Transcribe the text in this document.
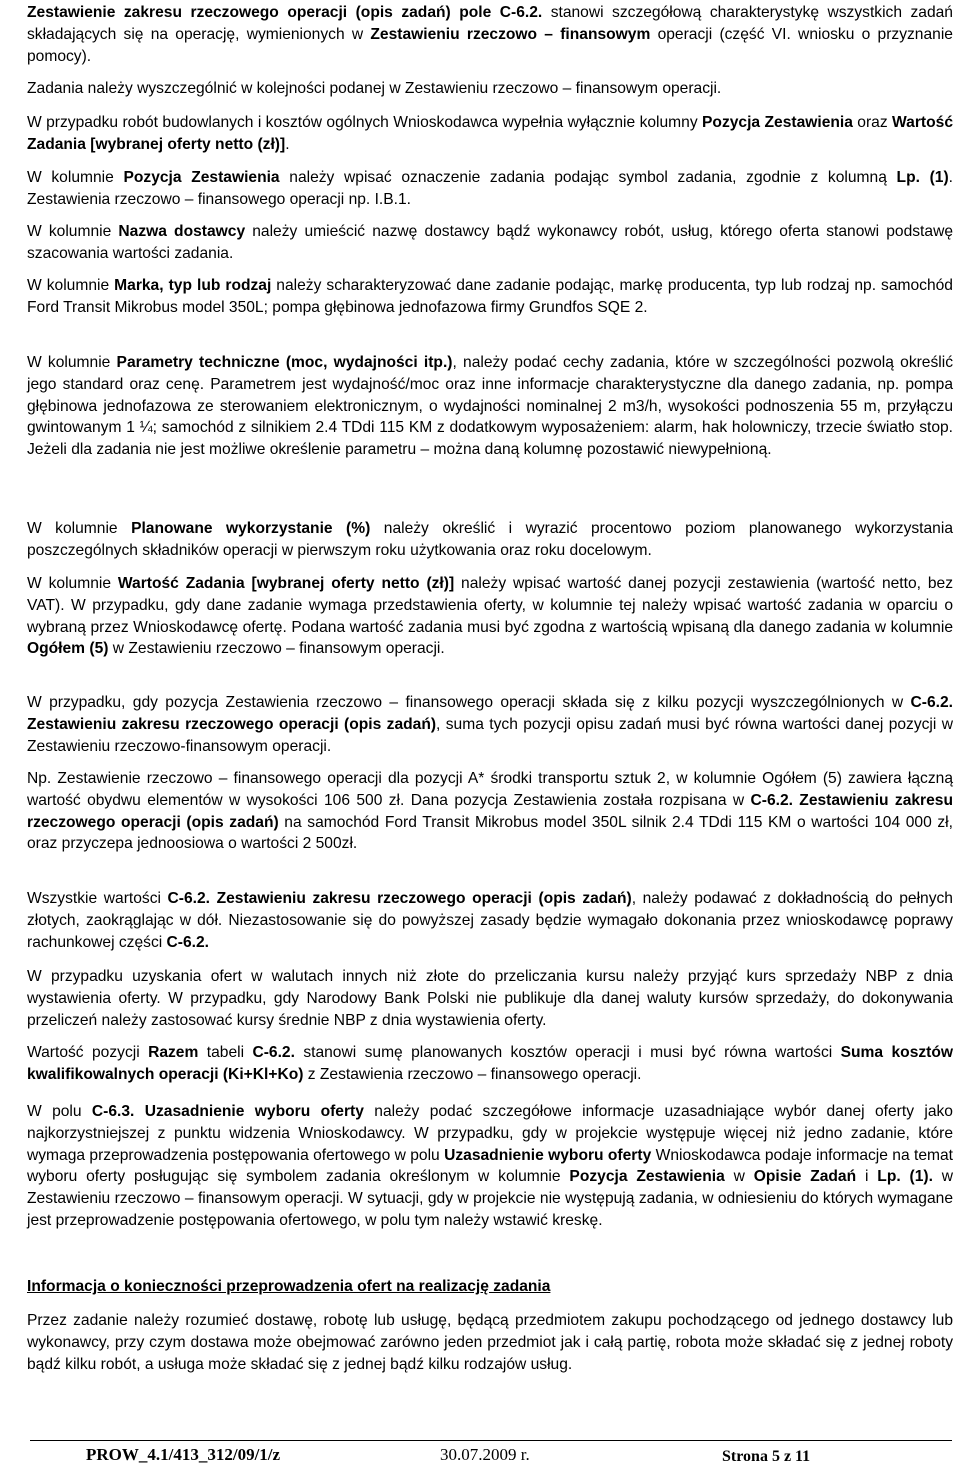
Zestawienie zakresu rzeczowego operacji (opis zadań) pole C-6.2. stanowi szczegółową charakterystykę wszystkich zadań składających się na operację, wymienionych w Zestawieniu rzeczowo – finansowym operacji (część VI. wniosku o przyznanie pomocy).

Zadania należy wyszczególnić w kolejności podanej w Zestawieniu rzeczowo – finansowym operacji.

W przypadku robót budowlanych i kosztów ogólnych Wnioskodawca wypełnia wyłącznie kolumny Pozycja Zestawienia oraz Wartość Zadania [wybranej oferty netto (zł)].

W kolumnie Pozycja Zestawienia należy wpisać oznaczenie zadania podając symbol zadania, zgodnie z kolumną Lp. (1). Zestawienia rzeczowo – finansowego operacji np. I.B.1.

W kolumnie Nazwa dostawcy należy umieścić nazwę dostawcy bądź wykonawcy robót, usług, którego oferta stanowi podstawę szacowania wartości zadania.

W kolumnie Marka, typ lub rodzaj należy scharakteryzować dane zadanie podając, markę producenta, typ lub rodzaj np. samochód Ford Transit Mikrobus model 350L; pompa głębinowa jednofazowa firmy Grundfos SQE 2.

W kolumnie Parametry techniczne (moc, wydajności itp.), należy podać cechy zadania, które w szczególności pozwolą określić jego standard oraz cenę. Parametrem jest wydajność/moc oraz inne informacje charakterystyczne dla danego zadania, np. pompa głębinowa jednofazowa ze sterowaniem elektronicznym, o wydajności nominalnej 2 m3/h, wysokości podnoszenia 55 m, przyłączu gwintowanym 1 ¼; samochód z silnikiem 2.4 TDdi 115 KM z dodatkowym wyposażeniem: alarm, hak holowniczy, trzecie światło stop. Jeżeli dla zadania nie jest możliwe określenie parametru – można daną kolumnę pozostawić niewypełnioną.

W kolumnie Planowane wykorzystanie (%) należy określić i wyrazić procentowo poziom planowanego wykorzystania poszczególnych składników operacji w pierwszym roku użytkowania oraz roku docelowym.

W kolumnie Wartość Zadania [wybranej oferty netto (zł)] należy wpisać wartość danej pozycji zestawienia (wartość netto, bez VAT). W przypadku, gdy dane zadanie wymaga przedstawienia oferty, w kolumnie tej należy wpisać wartość zadania w oparciu o wybraną przez Wnioskodawcę ofertę. Podana wartość zadania musi być zgodna z wartością wpisaną dla danego zadania w kolumnie Ogółem (5) w Zestawieniu rzeczowo – finansowym operacji.

W przypadku, gdy pozycja Zestawienia rzeczowo – finansowego operacji składa się z kilku pozycji wyszczególnionych w C-6.2. Zestawieniu zakresu rzeczowego operacji (opis zadań), suma tych pozycji opisu zadań musi być równa wartości danej pozycji w Zestawieniu rzeczowo-finansowym operacji.

Np. Zestawienie rzeczowo – finansowego operacji dla pozycji A* środki transportu sztuk 2, w kolumnie Ogółem (5) zawiera łączną wartość obydwu elementów w wysokości 106 500 zł. Dana pozycja Zestawienia została rozpisana w C-6.2. Zestawieniu zakresu rzeczowego operacji (opis zadań) na samochód Ford Transit Mikrobus model 350L silnik 2.4 TDdi 115 KM o wartości 104 000 zł, oraz przyczepa jednoosiowa o wartości 2 500zł.

Wszystkie wartości C-6.2. Zestawieniu zakresu rzeczowego operacji (opis zadań), należy podawać z dokładnością do pełnych złotych, zaokrąglając w dół. Niezastosowanie się do powyższej zasady będzie wymagało dokonania przez wnioskodawcę poprawy rachunkowej części C-6.2.

W przypadku uzyskania ofert w walutach innych niż złote do przeliczania kursu należy przyjąć kurs sprzedaży NBP z dnia wystawienia oferty. W przypadku, gdy Narodowy Bank Polski nie publikuje dla danej waluty kursów sprzedaży, do dokonywania przeliczeń należy zastosować kursy średnie NBP z dnia wystawienia oferty.

Wartość pozycji Razem tabeli C-6.2. stanowi sumę planowanych kosztów operacji i musi być równa wartości Suma kosztów kwalifikowalnych operacji (Ki+Kl+Ko) z Zestawienia rzeczowo – finansowego operacji.

W polu C-6.3. Uzasadnienie wyboru oferty należy podać szczegółowe informacje uzasadniające wybór danej oferty jako najkorzystniejszej z punktu widzenia Wnioskodawcy. W przypadku, gdy w projekcie występuje więcej niż jedno zadanie, które wymaga przeprowadzenia postępowania ofertowego w polu Uzasadnienie wyboru oferty Wnioskodawca podaje informacje na temat wyboru oferty posługując się symbolem zadania określonym w kolumnie Pozycja Zestawienia w Opisie Zadań i Lp. (1). w Zestawieniu rzeczowo – finansowym operacji. W sytuacji, gdy w projekcie nie występują zadania, w odniesieniu do których wymagane jest przeprowadzenie postępowania ofertowego, w polu tym należy wstawić kreskę.

Informacja o konieczności przeprowadzenia ofert na realizację zadania

Przez zadanie należy rozumieć dostawę, robotę lub usługę, będącą przedmiotem zakupu pochodzącego od jednego dostawcy lub wykonawcy, przy czym dostawa może obejmować zarówno jeden przedmiot jak i całą partię, robota może składać się z jednej roboty bądź kilku robót, a usługa może składać się z jednej bądź kilku rodzajów usług.

PROW_4.1/413_312/09/1/z	30.07.2009 r.	Strona 5 z 11
